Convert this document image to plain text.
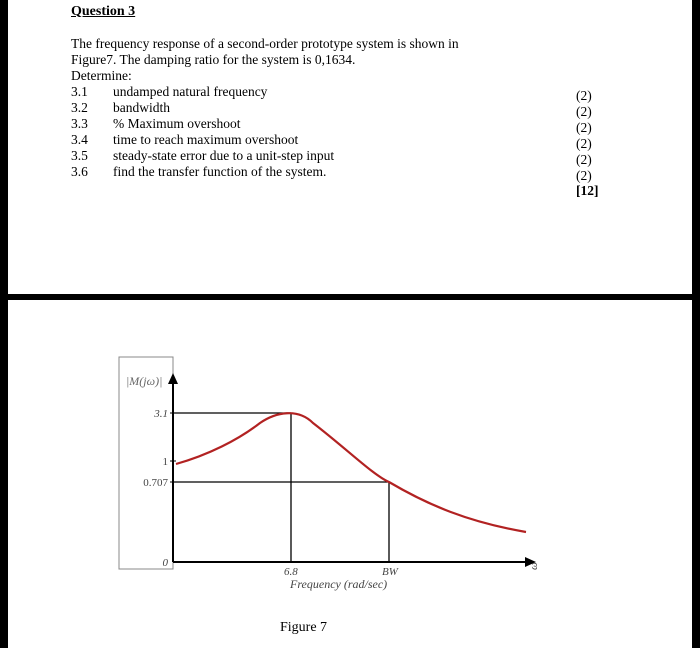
Question 3
The frequency response of a second-order prototype system is shown in
Figure7. The damping ratio for the system is 0,1634.
Determine:
3.1 undamped natural frequency	(2)
3.2 bandwidth	(2)
3.3 % Maximum overshoot	(2)
3.4 time to reach maximum overshoot	(2)
3.5 steady-state error due to a unit-step input	(2)
3.6 find the transfer function of the system.	(2)
[12]
|M(jω)|
3.1
1
0.707
0
6.8	BW
Frequency (rad/sec)
ω
Figure 7
